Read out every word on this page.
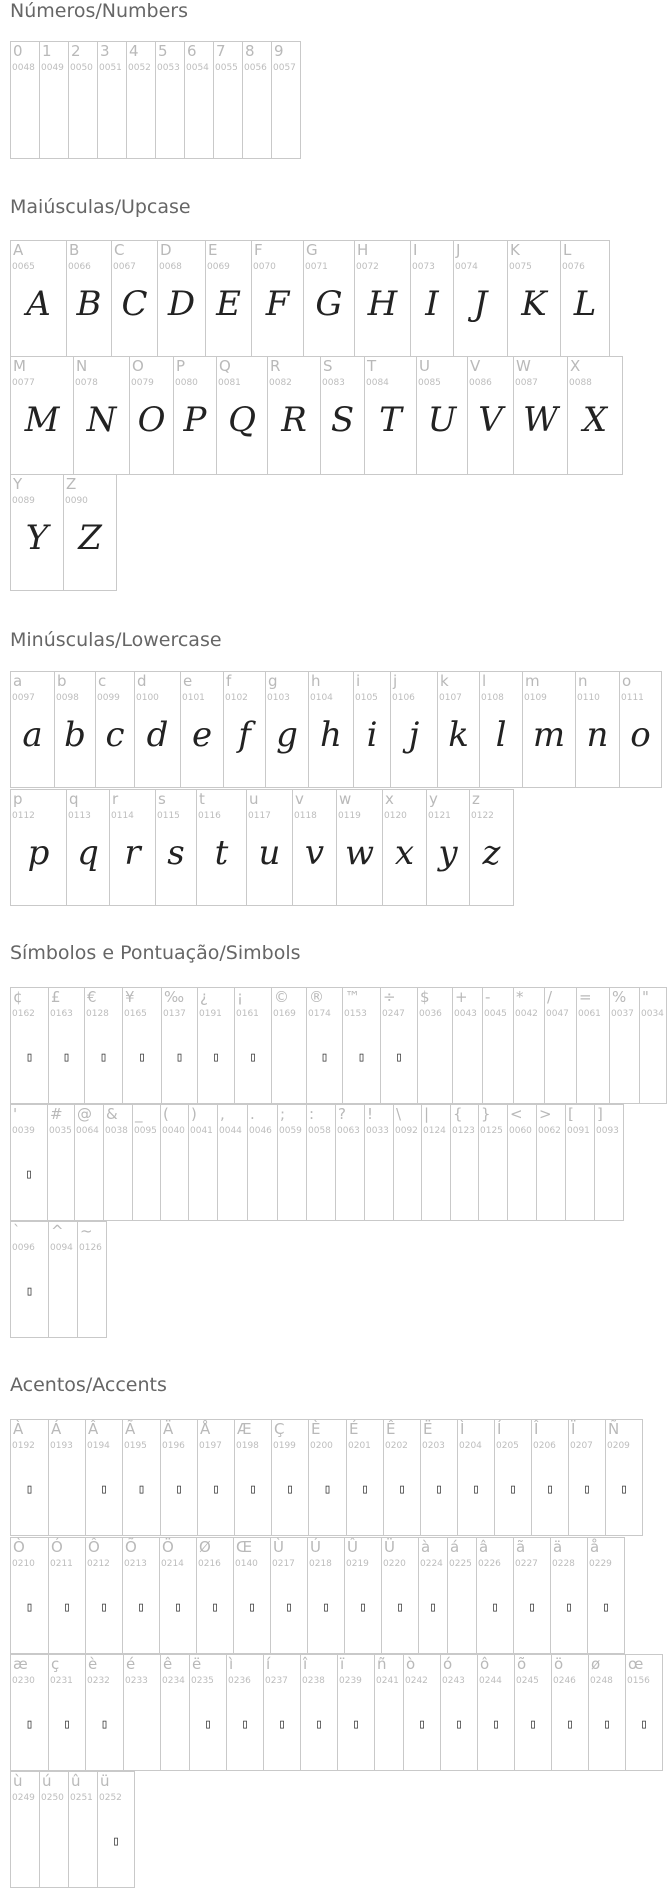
Números/Numbers
0
0048
1
0049
2
0050
3
0051
4
0052
5
0053
6
0054
7
0055
8
0056
9
0057
Maiúsculas/Upcase
A
0065
A
B
0066
B
C
0067
C
D
0068
D
E
0069
E
F
0070
F
G
0071
G
H
0072
H
I
0073
I
J
0074
J
K
0075
K
L
0076
L
M
0077
M
N
0078
N
O
0079
O
P
0080
P
Q
0081
Q
R
0082
R
S
0083
S
T
0084
T
U
0085
U
V
0086
V
W
0087
W
X
0088
X
Y
0089
Y
Z
0090
Z
Minúsculas/Lowercase
a
0097
a
b
0098
b
c
0099
c
d
0100
d
e
0101
e
f
0102
f
g
0103
g
h
0104
h
i
0105
i
j
0106
j
k
0107
k
l
0108
l
m
0109
m
n
0110
n
o
0111
o
p
0112
p
q
0113
q
r
0114
r
s
0115
s
t
0116
t
u
0117
u
v
0118
v
w
0119
w
x
0120
x
y
0121
y
z
0122
z
Símbolos e Pontuação/Simbols
¢
0162
▯
£
0163
▯
€
0128
▯
¥
0165
▯
‰
0137
▯
¿
0191
▯
¡
0161
▯
©
0169
®
0174
▯
™
0153
▯
÷
0247
▯
$
0036
+
0043
-
0045
*
0042
/
0047
=
0061
%
0037
"
0034
'
0039
▯
#
0035
@
0064
&
0038
_
0095
(
0040
)
0041
,
0044
.
0046
;
0059
:
0058
?
0063
!
0033
\
0092
|
0124
{
0123
}
0125
<
0060
>
0062
[
0091
]
0093
`
0096
▯
^
0094
~
0126
Acentos/Accents
À
0192
▯
Á
0193
Â
0194
▯
Ã
0195
▯
Ä
0196
▯
Å
0197
▯
Æ
0198
▯
Ç
0199
▯
È
0200
▯
É
0201
▯
Ê
0202
▯
Ë
0203
▯
Ì
0204
▯
Í
0205
▯
Î
0206
▯
Ï
0207
▯
Ñ
0209
▯
Ò
0210
▯
Ó
0211
▯
Ô
0212
▯
Õ
0213
▯
Ö
0214
▯
Ø
0216
▯
Œ
0140
▯
Ù
0217
▯
Ú
0218
▯
Û
0219
▯
Ü
0220
▯
à
0224
▯
á
0225
â
0226
▯
ã
0227
▯
ä
0228
▯
å
0229
▯
æ
0230
▯
ç
0231
▯
è
0232
▯
é
0233
ê
0234
ë
0235
▯
ì
0236
▯
í
0237
▯
î
0238
▯
ï
0239
▯
ñ
0241
ò
0242
▯
ó
0243
▯
ô
0244
▯
õ
0245
▯
ö
0246
▯
ø
0248
▯
œ
0156
▯
ù
0249
ú
0250
û
0251
ü
0252
▯
